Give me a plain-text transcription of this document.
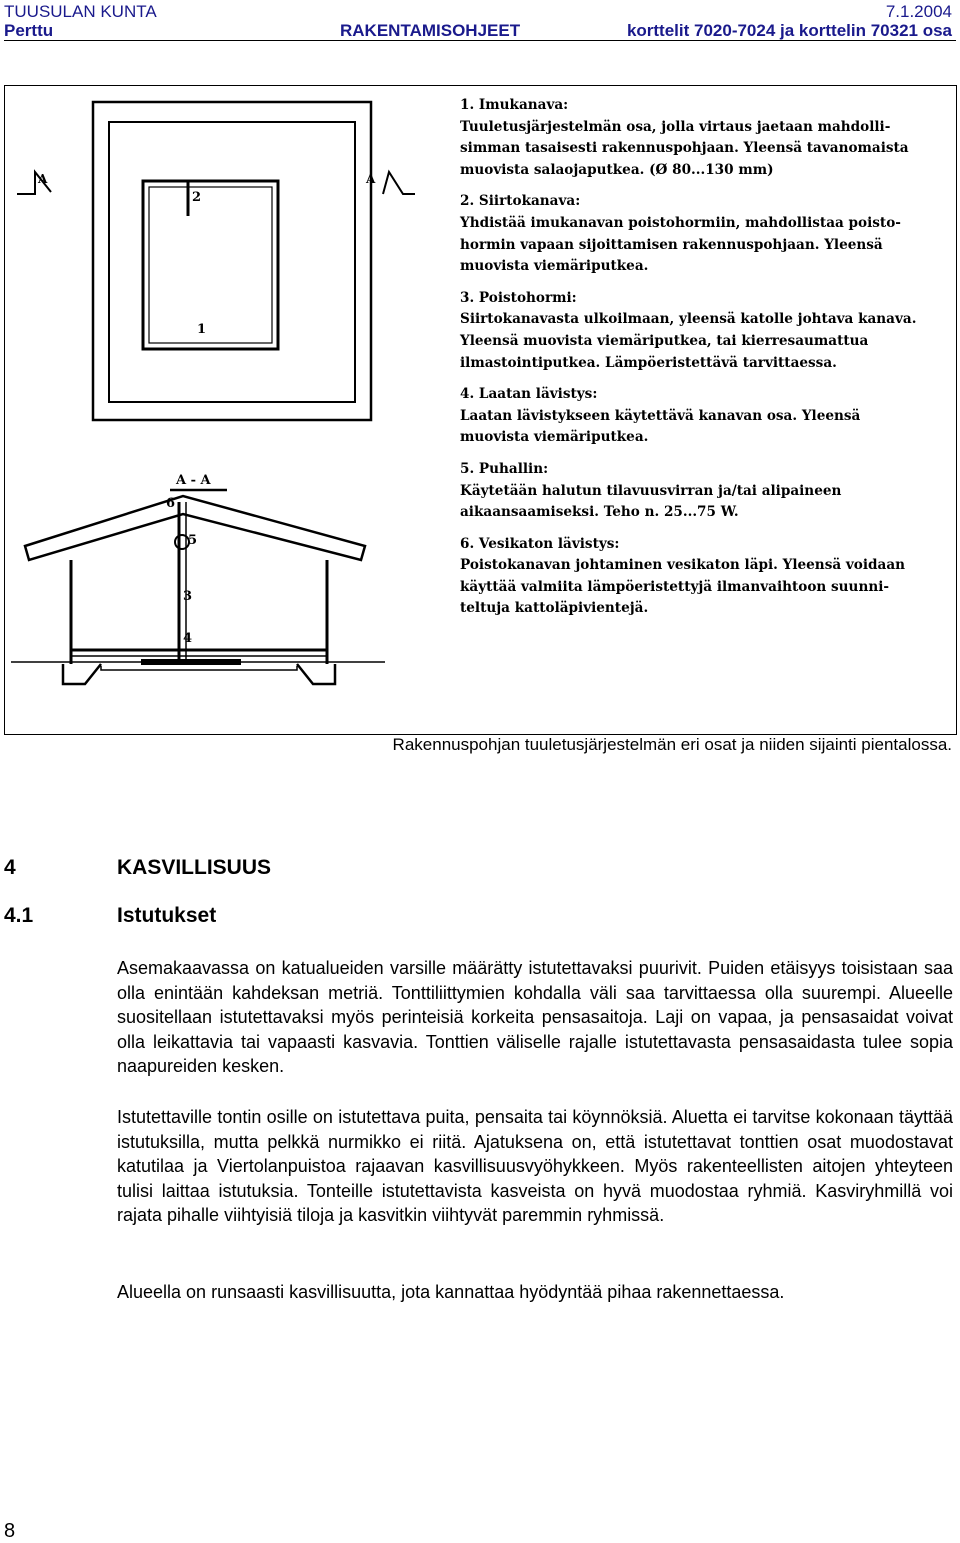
TUUSULAN KUNTA	7.1.2004
Perttu	RAKENTAMISOHJEET	korttelit 7020-7024 ja korttelin 70321 osa
1
2
3
4
5
6
A	A
A - A
1. Imukanava:
Tuuletusjärjestelmän osa, jolla virtaus jaetaan mahdolli-
simman tasaisesti rakennuspohjaan. Yleensä tavanomaista
muovista salaojaputkea. (Ø 80...130 mm)
2. Siirtokanava:
Yhdistää imukanavan poistohormiin, mahdollistaa poisto-
hormin vapaan sijoittamisen rakennuspohjaan. Yleensä
muovista viemäriputkea.
3. Poistohormi:
Siirtokanavasta ulkoilmaan, yleensä katolle johtava kanava.
Yleensä muovista viemäriputkea, tai kierresaumattua
ilmastointiputkea. Lämpöeristettävä tarvittaessa.
4. Laatan lävistys:
Laatan lävistykseen käytettävä kanavan osa. Yleensä
muovista viemäriputkea.
5. Puhallin:
Käytetään halutun tilavuusvirran ja/tai alipaineen
aikaansaamiseksi. Teho n. 25...75 W.
6. Vesikaton lävistys:
Poistokanavan johtaminen vesikaton läpi. Yleensä voidaan
käyttää valmiita lämpöeristettyjä ilmanvaihtoon suunni-
teltuja kattoläpivientejä.
Rakennuspohjan tuuletusjärjestelmän eri osat ja niiden sijainti pientalossa.
4	KASVILLISUUS
4.1	Istutukset

Asemakaavassa on katualueiden varsille määrätty istutettavaksi puurivit. Puiden etäisyys toisistaan saa olla enintään kahdeksan metriä. Tonttiliittymien kohdalla väli saa tarvittaessa olla suurempi. Alueelle suositellaan istutettavaksi myös perinteisiä korkeita pensasaitoja. Laji on vapaa, ja pensasaidat voivat olla leikattavia tai vapaasti kasvavia. Tonttien väliselle rajalle istutettavasta pensasaidasta tulee sopia naapureiden kesken.

Istutettaville tontin osille on istutettava puita, pensaita tai köynnöksiä. Aluetta ei tarvitse kokonaan täyttää istutuksilla, mutta pelkkä nurmikko ei riitä. Ajatuksena on, että istutettavat tonttien osat muodostavat katutilaa ja Viertolanpuistoa rajaavan kasvillisuusvyöhykkeen. Myös rakenteellisten aitojen yhteyteen tulisi laittaa istutuksia. Tonteille istutettavista kasveista on hyvä muodostaa ryhmiä. Kasviryhmillä voi rajata pihalle viihtyisiä tiloja ja kasvitkin viihtyvät paremmin ryhmissä.

Alueella on runsaasti kasvillisuutta, jota kannattaa hyödyntää pihaa rakennettaessa.

8
